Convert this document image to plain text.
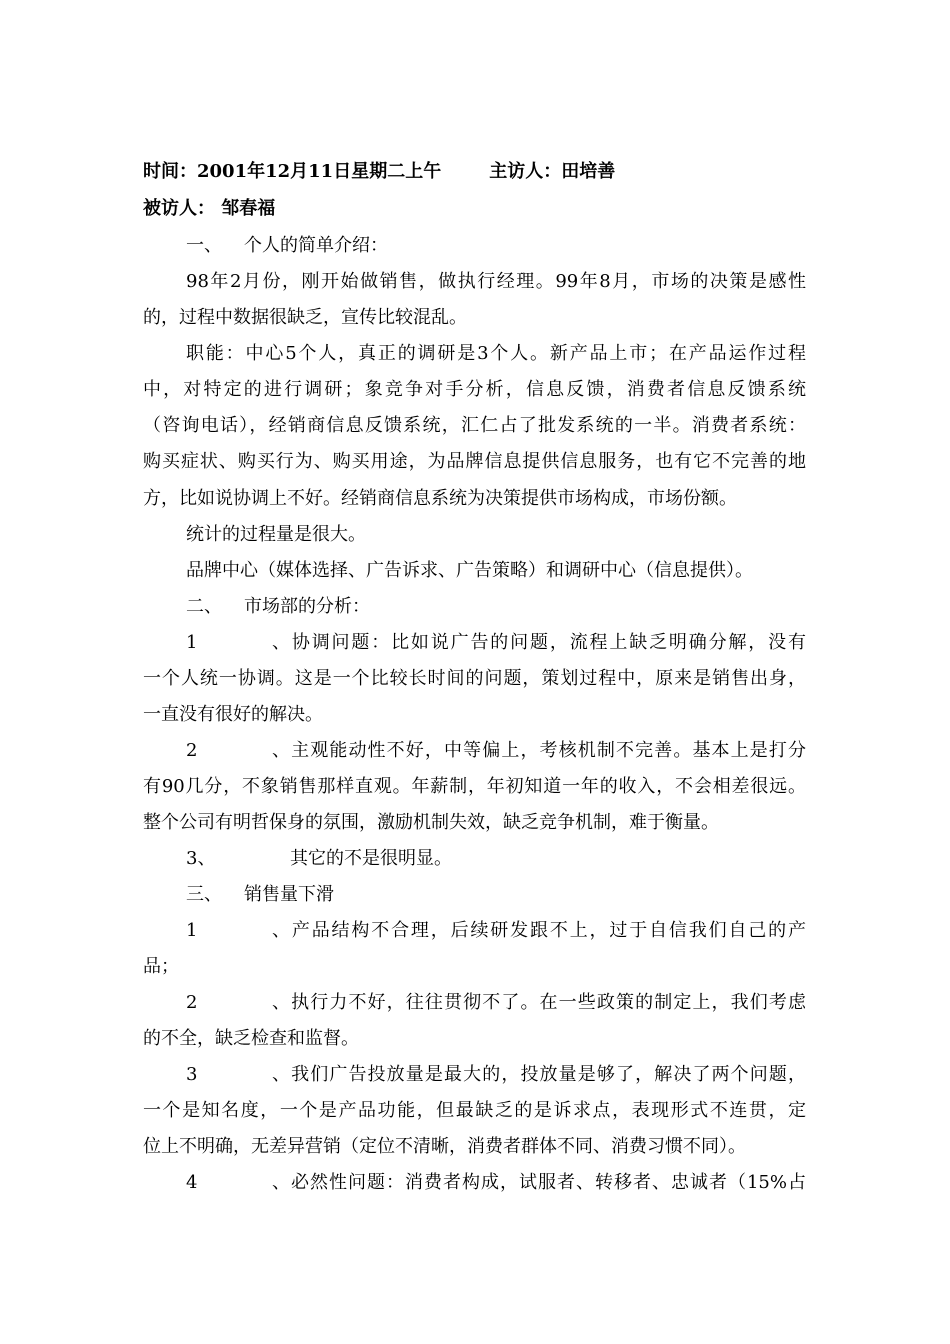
时间：2001年12月11日星期二上午	主访人：田培善
被访人： 邹春福
一、 个人的简单介绍：
98年2月份，刚开始做销售，做执行经理。99年8月，市场的决策是感性
的，过程中数据很缺乏，宣传比较混乱。
职能：中心5个人，真正的调研是3个人。新产品上市；在产品运作过程
中，对特定的进行调研；象竞争对手分析，信息反馈，消费者信息反馈系统
（咨询电话），经销商信息反馈系统，汇仁占了批发系统的一半。消费者系统：
购买症状、购买行为、购买用途，为品牌信息提供信息服务，也有它不完善的地
方，比如说协调上不好。经销商信息系统为决策提供市场构成，市场份额。
统计的过程量是很大。
品牌中心（媒体选择、广告诉求、广告策略）和调研中心（信息提供）。
二、 市场部的分析：
1、协调问题：比如说广告的问题，流程上缺乏明确分解，没有
一个人统一协调。这是一个比较长时间的问题，策划过程中，原来是销售出身，
一直没有很好的解决。
2、主观能动性不好，中等偏上，考核机制不完善。基本上是打分
有90几分，不象销售那样直观。年薪制，年初知道一年的收入，不会相差很远。
整个公司有明哲保身的氛围，激励机制失效，缺乏竞争机制，难于衡量。
3、	其它的不是很明显。
三、 销售量下滑
1、产品结构不合理，后续研发跟不上，过于自信我们自己的产
品；
2、执行力不好，往往贯彻不了。在一些政策的制定上，我们考虑
的不全，缺乏检查和监督。
3、我们广告投放量是最大的，投放量是够了，解决了两个问题，
一个是知名度，一个是产品功能，但最缺乏的是诉求点，表现形式不连贯，定
位上不明确，无差异营销（定位不清晰，消费者群体不同、消费习惯不同）。
4、必然性问题：消费者构成，试服者、转移者、忠诚者（15%占
